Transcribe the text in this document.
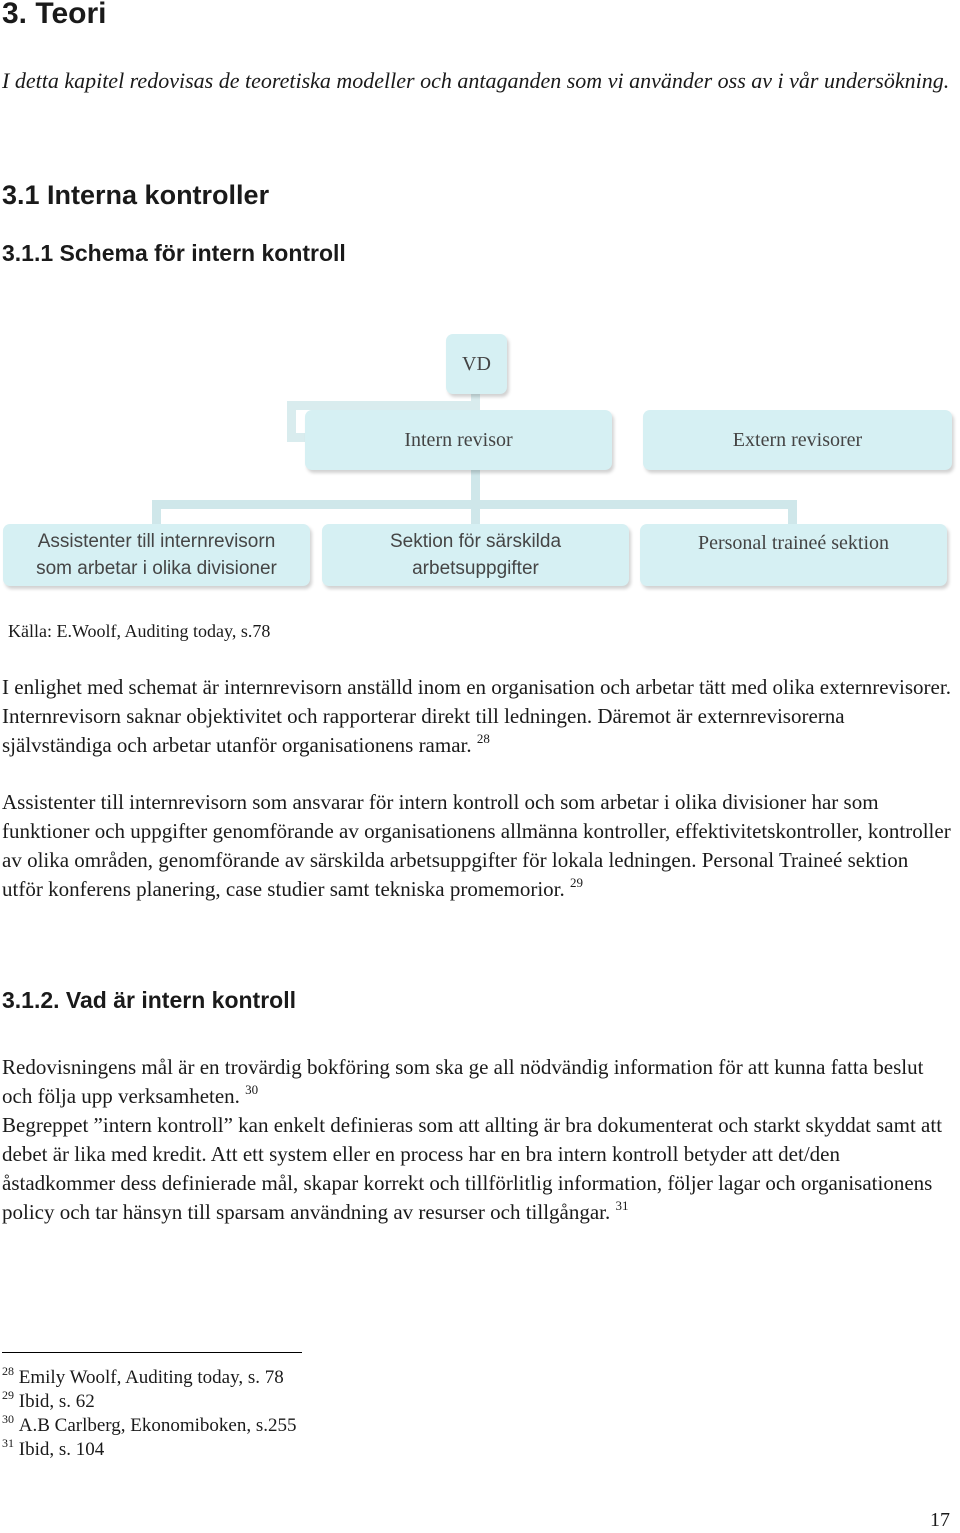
3. Teori

I detta kapitel redovisas de teoretiska modeller och antaganden som vi använder oss av i vår undersökning.

3.1 Interna kontroller
3.1.1 Schema för intern kontroll
VD
Intern revisor	Extern revisorer
Assistenter till internrevisorn
som arbetar i olika divisioner
Sektion för särskilda
arbetsuppgifter
Personal traineé sektion

Källa: E.Woolf, Auditing today, s.78

I enlighet med schemat är internrevisorn anställd inom en organisation och arbetar tätt med olika externrevisorer. Internrevisorn saknar objektivitet och rapporterar direkt till ledningen. Däremot är externrevisorerna självständiga och arbetar utanför organisationens ramar. $^{28}$

Assistenter till internrevisorn som ansvarar för intern kontroll och som arbetar i olika divisioner har som funktioner och uppgifter genomförande av organisationens allmänna kontroller, effektivitetskontroller, kontroller av olika områden, genomförande av särskilda arbetsuppgifter för lokala ledningen. Personal Traineé sektion utför konferens planering, case studier samt tekniska promemorior. $^{29}$

3.1.2. Vad är intern kontroll

Redovisningens mål är en trovärdig bokföring som ska ge all nödvändig information för att kunna fatta beslut och följa upp verksamheten. $^{30}$

Begreppet ”intern kontroll” kan enkelt definieras som att allting är bra dokumenterat och starkt skyddat samt att debet är lika med kredit. Att ett system eller en process har en bra intern kontroll betyder att det/den åstadkommer dess definierade mål, skapar korrekt och tillförlitlig information, följer lagar och organisationens policy och tar hänsyn till sparsam användning av resurser och tillgångar. $^{31}$

$^{28}$ Emily Woolf, Auditing today, s. 78

$^{29}$ Ibid, s. 62

$^{30}$ A.B Carlberg, Ekonomiboken, s.255

$^{31}$ Ibid, s. 104

17
